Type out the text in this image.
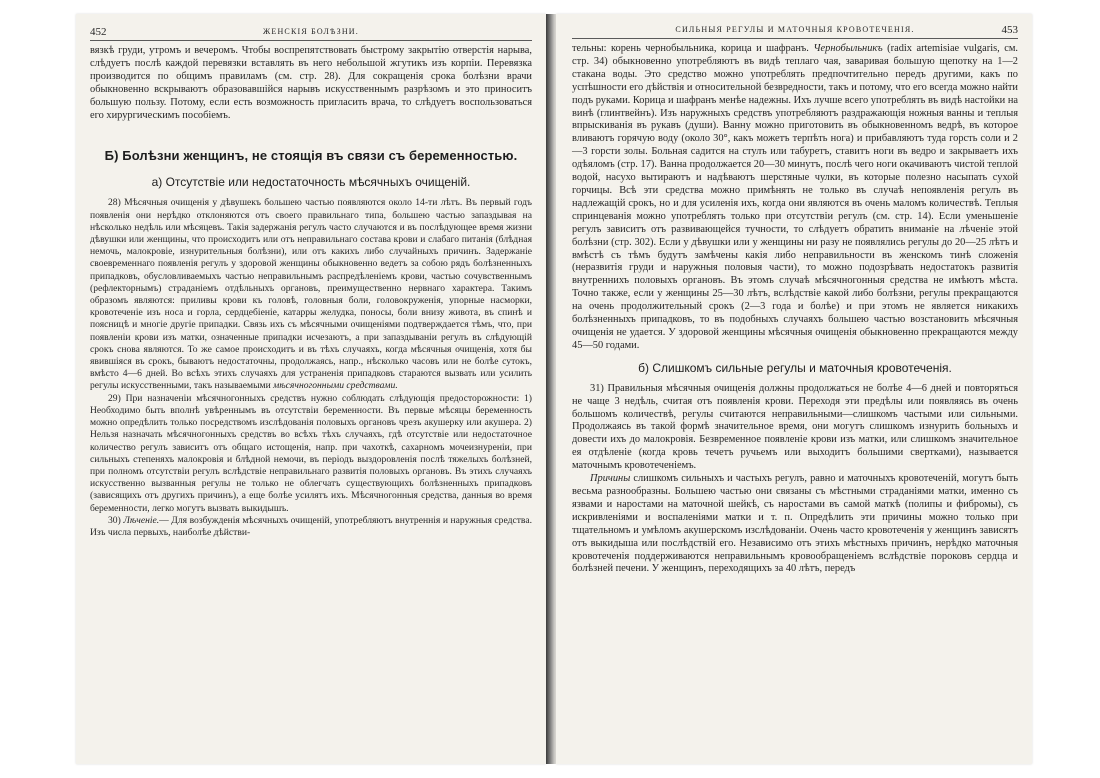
452	ЖЕНСКІЯ БОЛѢЗНИ.

вязкѣ груди, утромъ и вечеромъ. Чтобы воспрепятствовать быстрому закрытію отверстія нарыва, слѣдуетъ послѣ каждой перевязки вставлять въ него небольшой жгутикъ изъ корпіи. Перевязка производится по общимъ правиламъ (см. стр. 28). Для сокращенія срока болѣзни врачи обыкновенно вскрываютъ образовавшійся нарывъ искусственнымъ разрѣзомъ и это приноситъ большую пользу. Потому, если есть возможность пригласить врача, то слѣдуетъ воспользоваться его хирургическимъ пособіемъ.

Б) Болѣзни женщинъ, не стоящія въ связи съ беременностью.
а) Отсутствіе или недостаточность мѣсячныхъ очищеній.

28) Мѣсячныя очищенія у дѣвушекъ большею частью появляются около 14-ти лѣтъ. Въ первый годъ появленія они нерѣдко отклоняются отъ своего правильнаго типа, большею частью запаздывая на нѣсколько недѣль или мѣсяцевъ. Такія задержанія регулъ часто случаются и въ послѣдующее время жизни дѣвушки или женщины, что происходитъ или отъ неправильнаго состава крови и слабаго питанія (блѣдная немочь, малокровіе, изнурительныя болѣзни), или отъ какихъ либо случайныхъ причинъ. Задержаніе своевременнаго появленія регулъ у здоровой женщины обыкновенно ведетъ за собою рядъ болѣзненныхъ припадковъ, обусловливаемыхъ частью неправильнымъ распредѣленіемъ крови, частью сочувственнымъ (рефлекторнымъ) страданіемъ отдѣльныхъ органовъ, преимущественно нервнаго характера. Такимъ образомъ являются: приливы крови къ головѣ, головныя боли, головокруженія, упорные насморки, кровотеченіе изъ носа и горла, сердцебіеніе, катарры желудка, поносы, боли внизу живота, въ спинѣ и поясницѣ и многіе другіе припадки. Связь ихъ съ мѣсячными очищеніями подтверждается тѣмъ, что, при появленіи крови изъ матки, означенные припадки исчезаютъ, а при запаздываніи регулъ въ слѣдующій срокъ снова являются. То же самое происходитъ и въ тѣхъ случаяхъ, когда мѣсячныя очищенія, хотя бы явившіяся въ срокъ, бываютъ недостаточны, продолжаясь, напр., нѣсколько часовъ или не болѣе сутокъ, вмѣсто 4—6 дней. Во всѣхъ этихъ случаяхъ для устраненія припадковъ стараются вызвать или усилить регулы искусственными, такъ называемыми мѣсячногонными средствами.

29) При назначеніи мѣсячногонныхъ средствъ нужно соблюдать слѣдующія предосторожности: 1) Необходимо быть вполнѣ увѣреннымъ въ отсутствіи беременности. Въ первые мѣсяцы беременность можно опредѣлить только посредствомъ изслѣдованія половыхъ органовъ чрезъ акушерку или акушера. 2) Нельзя назначать мѣсячногонныхъ средствъ во всѣхъ тѣхъ случаяхъ, гдѣ отсутствіе или недостаточное количество регулъ зависитъ отъ общаго истощенія, напр. при чахоткѣ, сахарномъ мочеизнуреніи, при сильныхъ степеняхъ малокровія и блѣдной немочи, въ періодъ выздоровленія послѣ тяжелыхъ болѣзней, при полномъ отсутствіи регулъ вслѣдствіе неправильнаго развитія половыхъ органовъ. Въ этихъ случаяхъ искусственно вызванныя регулы не только не облегчатъ существующихъ болѣзненныхъ припадковъ (зависящихъ отъ другихъ причинъ), а еще болѣе усилятъ ихъ. Мѣсячногонныя средства, данныя во время беременности, легко могутъ вызвать выкидышъ.

30) Лѣченіе.— Для возбужденія мѣсячныхъ очищеній, употребляютъ внутреннія и наружныя средства. Изъ числа первыхъ, наиболѣе дѣйстви-

СИЛЬНЫЯ РЕГУЛЫ И МАТОЧНЫЯ КРОВОТЕЧЕНІЯ.	453

тельны: корень чернобыльника, корица и шафранъ. Чернобыльникъ (radix artemisiae vulgaris, см. стр. 34) обыкновенно употребляютъ въ видѣ теплаго чая, заваривая большую щепотку на 1—2 стакана воды. Это средство можно употреблять предпочтительно передъ другими, какъ по успѣшности его дѣйствія и относительной безвредности, такъ и потому, что его всегда можно найти подъ руками. Корица и шафранъ менѣе надежны. Ихъ лучше всего употреблять въ видѣ настойки на винѣ (глинтвейнъ). Изъ наружныхъ средствъ употребляютъ раздражающія ножныя ванны и теплыя впрыскиванія въ рукавъ (души). Ванну можно приготовить въ обыкновенномъ ведрѣ, въ которое вливаютъ горячую воду (около 30°, какъ можетъ терпѣть нога) и прибавляютъ туда горсть соли и 2—3 горсти золы. Больная садится на стулъ или табуретъ, ставитъ ноги въ ведро и закрываетъ ихъ одѣяломъ (стр. 17). Ванна продолжается 20—30 минутъ, послѣ чего ноги окачиваютъ чистой теплой водой, насухо вытираютъ и надѣваютъ шерстяные чулки, въ которые полезно насыпать сухой горчицы. Всѣ эти средства можно примѣнять не только въ случаѣ непоявленія регулъ въ надлежащій срокъ, но и для усиленія ихъ, когда они являются въ очень маломъ количествѣ. Теплыя спринцеванія можно употреблять только при отсутствіи регулъ (см. стр. 14). Если уменьшеніе регулъ зависитъ отъ развивающейся тучности, то слѣдуетъ обратить вниманіе на лѣченіе этой болѣзни (стр. 302). Если у дѣвушки или у женщины ни разу не появлялись регулы до 20—25 лѣтъ и вмѣстѣ съ тѣмъ будутъ замѣчены какія либо неправильности въ женскомъ тинѣ сложенія (неразвитія груди и наружныя половыя части), то можно подозрѣвать недостатокъ развитія внутреннихъ половыхъ органовъ. Въ этомъ случаѣ мѣсячногонныя средства не имѣютъ мѣста. Точно также, если у женщины 25—30 лѣтъ, вслѣдствіе какой либо болѣзни, регулы прекращаются на очень продолжительный срокъ (2—3 года и болѣе) и при этомъ не является никакихъ болѣзненныхъ припадковъ, то въ подобныхъ случаяхъ большею частью возстановить мѣсячныя очищенія не удается. У здоровой женщины мѣсячныя очищенія обыкновенно прекращаются между 45—50 годами.

б) Слишкомъ сильные регулы и маточныя кровотеченія.

31) Правильныя мѣсячныя очищенія должны продолжаться не болѣе 4—6 дней и повторяться не чаще 3 недѣль, считая отъ появленія крови. Переходя эти предѣлы или появляясь въ очень большомъ количествѣ, регулы считаются неправильными—слишкомъ частыми или сильными. Продолжаясь въ такой формѣ значительное время, они могутъ слишкомъ изнурить больныхъ и довести ихъ до малокровія. Безвременное появленіе крови изъ матки, или слишкомъ значительное ея отдѣленіе (когда кровь течетъ ручьемъ или выходитъ большими свертками), называется маточнымъ кровотеченіемъ.

Причины слишкомъ сильныхъ и частыхъ регулъ, равно и маточныхъ кровотеченій, могутъ быть весьма разнообразны. Большею частью они связаны съ мѣстными страданіями матки, именно съ язвами и наростами на маточной шейкѣ, съ наростами въ самой маткѣ (полипы и фибромы), съ искривленіями и воспаленіями матки и т. п. Опредѣлить эти причины можно только при тщательномъ и умѣломъ акушерскомъ изслѣдованіи. Очень часто кровотеченія у женщинъ зависятъ отъ выкидыша или послѣдствій его. Независимо отъ этихъ мѣстныхъ причинъ, нерѣдко маточныя кровотеченія поддерживаются неправильнымъ кровообращеніемъ вслѣдствіе пороковъ сердца и болѣзней печени. У женщинъ, переходящихъ за 40 лѣтъ, передъ
